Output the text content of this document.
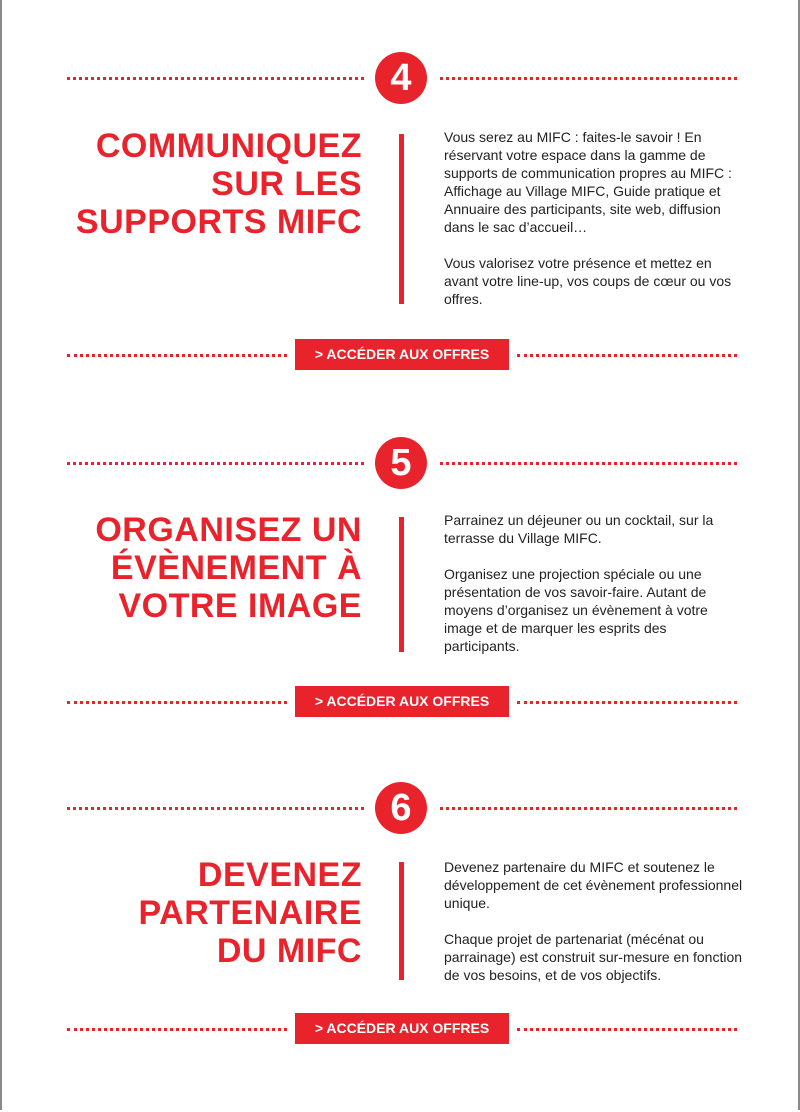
4
COMMUNIQUEZ
SUR LES
SUPPORTS MIFC

Vous serez au MIFC : faites-le savoir ! En réservant votre espace dans la gamme de supports de communication propres au MIFC : Affichage au Village MIFC, Guide pratique et Annuaire des participants, site web, diffusion dans le sac d’accueil…

Vous valorisez votre présence et mettez en avant votre line-up, vos coups de cœur ou vos offres.

> ACCÉDER AUX OFFRES
5
ORGANISEZ UN
ÉVÈNEMENT À
VOTRE IMAGE

Parrainez un déjeuner ou un cocktail, sur la terrasse du Village MIFC.

Organisez une projection spéciale ou une présentation de vos savoir-faire. Autant de moyens d’organisez un évènement à votre image et de marquer les esprits des participants.

> ACCÉDER AUX OFFRES
6
DEVENEZ
PARTENAIRE
DU MIFC

Devenez partenaire du MIFC et soutenez le développement de cet évènement professionnel unique.

Chaque projet de partenariat (mécénat ou parrainage) est construit sur-mesure en fonction de vos besoins, et de vos objectifs.

> ACCÉDER AUX OFFRES
